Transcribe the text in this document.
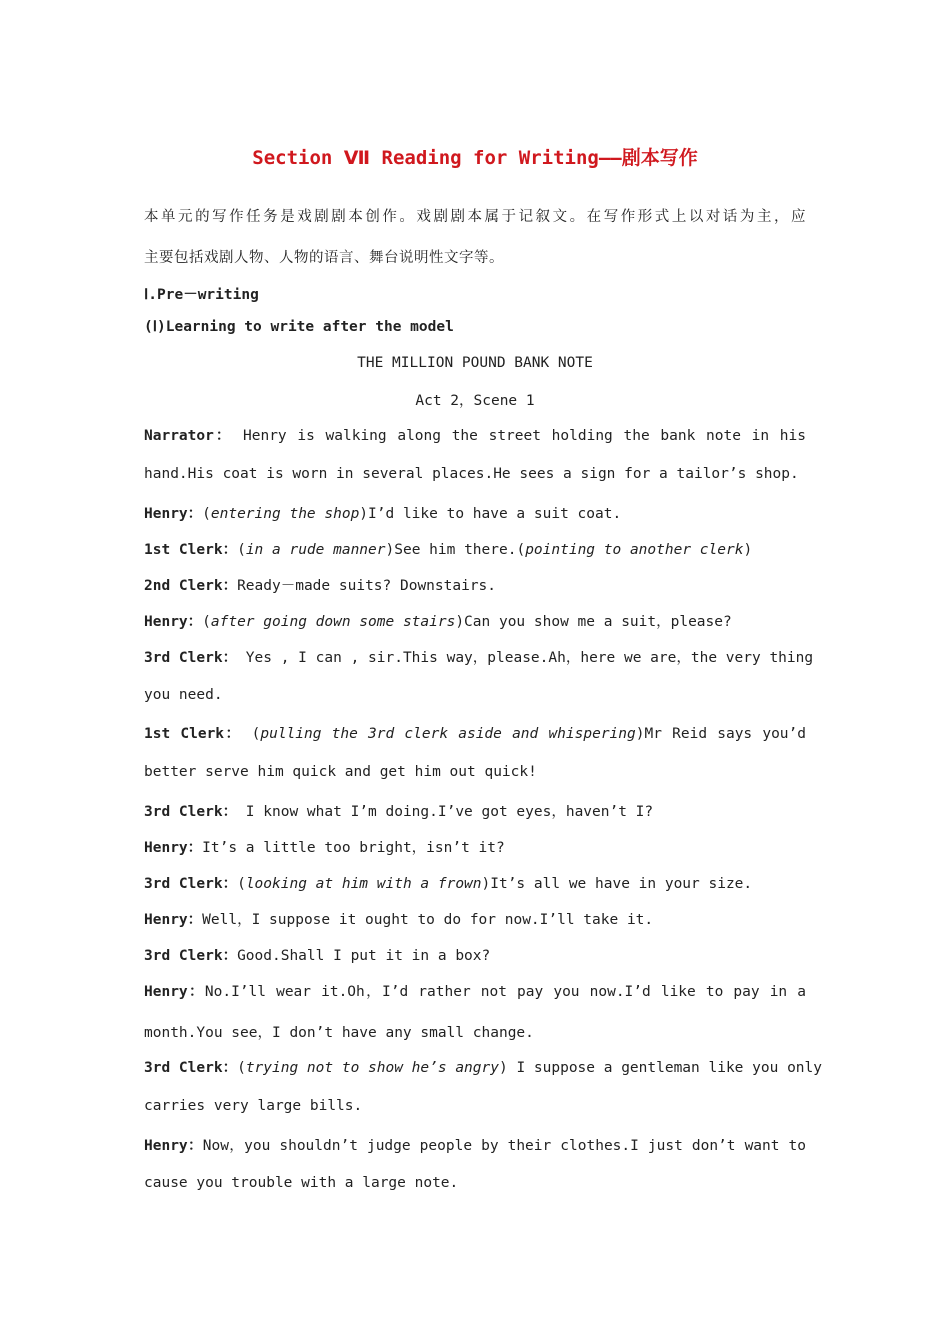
Section Ⅶ Reading for Writing——剧本写作
本单元的写作任务是戏剧剧本创作。戏剧剧本属于记叙文。在写作形式上以对话为主，应
主要包括戏剧人物、人物的语言、舞台说明性文字等。
Ⅰ.Pre－writing
(Ⅰ)Learning to write after the model
THE MILLION POUND BANK NOTE
Act 2，Scene 1
Narrator： Henry is walking along the street holding the bank note in his
hand.His coat is worn in several places.He sees a sign for a tailor’s shop.
Henry：(entering the shop)I’d like to have a suit coat.
1st Clerk：(in a rude manner)See him there.(pointing to another clerk)
2nd Clerk：Ready－made suits? Downstairs.
Henry：(after going down some stairs)Can you show me a suit，please?
3rd Clerk： Yes , I can , sir.This way，please.Ah，here we are，the very thing
you need.
1st Clerk： (pulling the 3rd clerk aside and whispering)Mr Reid says you’d
better serve him quick and get him out quick!
3rd Clerk： I know what I’m doing.I’ve got eyes，haven’t I?
Henry：It’s a little too bright，isn’t it?
3rd Clerk：(looking at him with a frown)It’s all we have in your size.
Henry：Well，I suppose it ought to do for now.I’ll take it.
3rd Clerk：Good.Shall I put it in a box?
Henry：No.I’ll wear it.Oh，I’d rather not pay you now.I’d like to pay in a
month.You see，I don’t have any small change.
3rd Clerk：(trying not to show he’s angry) I suppose a gentleman like you only
carries very large bills.
Henry：Now，you shouldn’t judge people by their clothes.I just don’t want to
cause you trouble with a large note.
